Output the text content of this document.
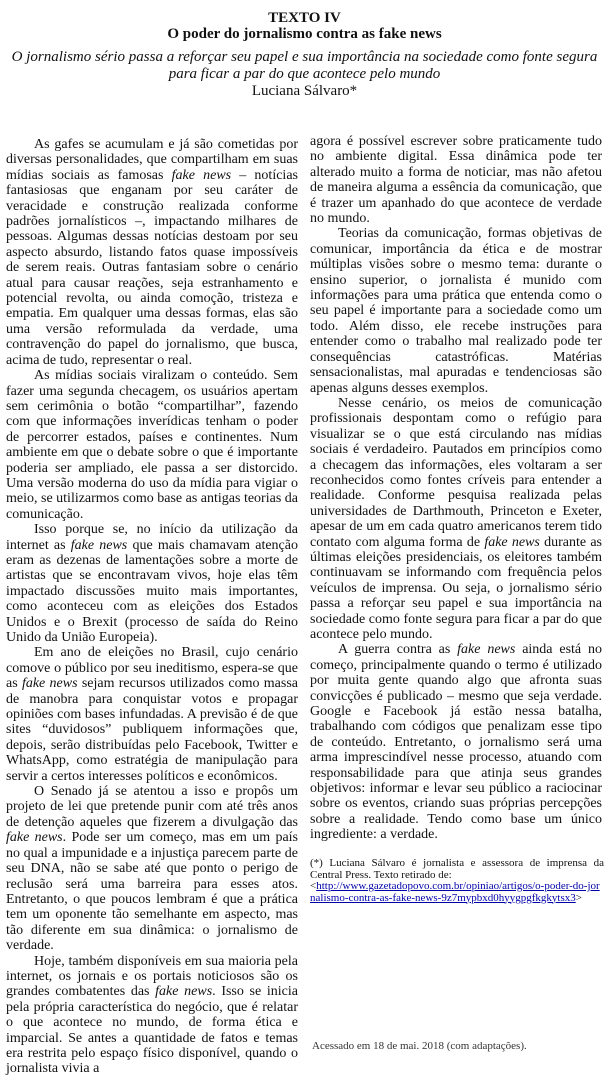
TEXTO IV
O poder do jornalismo contra as fake news
O jornalismo sério passa a reforçar seu papel e sua importância na sociedade como fonte segura para ficar a par do que acontece pelo mundo
Luciana Sálvaro*

As gafes se acumulam e já são cometidas por diversas personalidades, que compartilham em suas mídias sociais as famosas fake news – notícias fantasiosas que enganam por seu caráter de veracidade e construção realizada conforme padrões jornalísticos –, impactando milhares de pessoas. Algumas dessas notícias destoam por seu aspecto absurdo, listando fatos quase impossíveis de serem reais. Outras fantasiam sobre o cenário atual para causar reações, seja estranhamento e potencial revolta, ou ainda comoção, tristeza e empatia. Em qualquer uma dessas formas, elas são uma versão reformulada da verdade, uma contravenção do papel do jornalismo, que busca, acima de tudo, representar o real.

As mídias sociais viralizam o conteúdo. Sem fazer uma segunda checagem, os usuários apertam sem cerimônia o botão “compartilhar”, fazendo com que informações inverídicas tenham o poder de percorrer estados, países e continentes. Num ambiente em que o debate sobre o que é importante poderia ser ampliado, ele passa a ser distorcido. Uma versão moderna do uso da mídia para vigiar o meio, se utilizarmos como base as antigas teorias da comunicação.

Isso porque se, no início da utilização da internet as fake news que mais chamavam atenção eram as dezenas de lamentações sobre a morte de artistas que se encontravam vivos, hoje elas têm impactado discussões muito mais importantes, como aconteceu com as eleições dos Estados Unidos e o Brexit (processo de saída do Reino Unido da União Europeia).

Em ano de eleições no Brasil, cujo cenário comove o público por seu ineditismo, espera-se que as fake news sejam recursos utilizados como massa de manobra para conquistar votos e propagar opiniões com bases infundadas. A previsão é de que sites “duvidosos” publiquem informações que, depois, serão distribuídas pelo Facebook, Twitter e WhatsApp, como estratégia de manipulação para servir a certos interesses políticos e econômicos.

O Senado já se atentou a isso e propôs um projeto de lei que pretende punir com até três anos de detenção aqueles que fizerem a divulgação das fake news. Pode ser um começo, mas em um país no qual a impunidade e a injustiça parecem parte de seu DNA, não se sabe até que ponto o perigo de reclusão será uma barreira para esses atos. Entretanto, o que poucos lembram é que a prática tem um oponente tão semelhante em aspecto, mas tão diferente em sua dinâmica: o jornalismo de verdade.

Hoje, também disponíveis em sua maioria pela internet, os jornais e os portais noticiosos são os grandes combatentes das fake news. Isso se inicia pela própria característica do negócio, que é relatar o que acontece no mundo, de forma ética e imparcial. Se antes a quantidade de fatos e temas era restrita pelo espaço físico disponível, quando o jornalista vivia a

agora é possível escrever sobre praticamente tudo no ambiente digital. Essa dinâmica pode ter alterado muito a forma de noticiar, mas não afetou de maneira alguma a essência da comunicação, que é trazer um apanhado do que acontece de verdade no mundo.

Teorias da comunicação, formas objetivas de comunicar, importância da ética e de mostrar múltiplas visões sobre o mesmo tema: durante o ensino superior, o jornalista é munido com informações para uma prática que entenda como o seu papel é importante para a sociedade como um todo. Além disso, ele recebe instruções para entender como o trabalho mal realizado pode ter consequências catastróficas. Matérias sensacionalistas, mal apuradas e tendenciosas são apenas alguns desses exemplos.

Nesse cenário, os meios de comunicação profissionais despontam como o refúgio para visualizar se o que está circulando nas mídias sociais é verdadeiro. Pautados em princípios como a checagem das informações, eles voltaram a ser reconhecidos como fontes críveis para entender a realidade. Conforme pesquisa realizada pelas universidades de Darthmouth, Princeton e Exeter, apesar de um em cada quatro americanos terem tido contato com alguma forma de fake news durante as últimas eleições presidenciais, os eleitores também continuavam se informando com frequência pelos veículos de imprensa. Ou seja, o jornalismo sério passa a reforçar seu papel e sua importância na sociedade como fonte segura para ficar a par do que acontece pelo mundo.

A guerra contra as fake news ainda está no começo, principalmente quando o termo é utilizado por muita gente quando algo que afronta suas convicções é publicado – mesmo que seja verdade. Google e Facebook já estão nessa batalha, trabalhando com códigos que penalizam esse tipo de conteúdo. Entretanto, o jornalismo será uma arma imprescindível nesse processo, atuando com responsabilidade para que atinja seus grandes objetivos: informar e levar seu público a raciocinar sobre os eventos, criando suas próprias percepções sobre a realidade. Tendo como base um único ingrediente: a verdade.

(*) Luciana Sálvaro é jornalista e assessora de imprensa da Central Press. Texto retirado de:
<http://www.gazetadopovo.com.br/opiniao/artigos/o-poder-do-jornalismo-contra-as-fake-news-9z7mypbxd0hyygpgfkgkytsx3>
Acessado em 18 de mai. 2018 (com adaptações).
